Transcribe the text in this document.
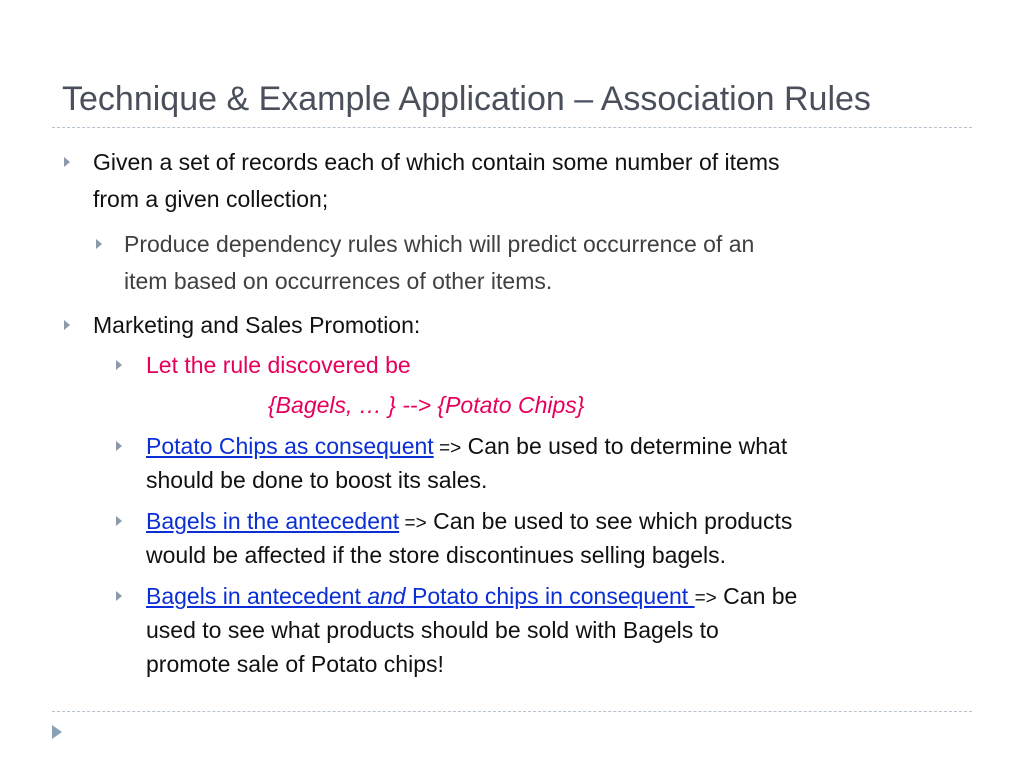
Technique & Example Application – Association Rules
Given a set of records each of which contain some number of items
from a given collection;
Produce dependency rules which will predict occurrence of an
item based on occurrences of other items.
Marketing and Sales Promotion:
Let the rule discovered be
{Bagels, … } --> {Potato Chips}
Potato Chips as consequent => Can be used to determine what
should be done to boost its sales.
Bagels in the antecedent => Can be used to see which products
would be affected if the store discontinues selling bagels.
Bagels in antecedent and Potato chips in consequent => Can be
used to see what products should be sold with Bagels to
promote sale of Potato chips!
